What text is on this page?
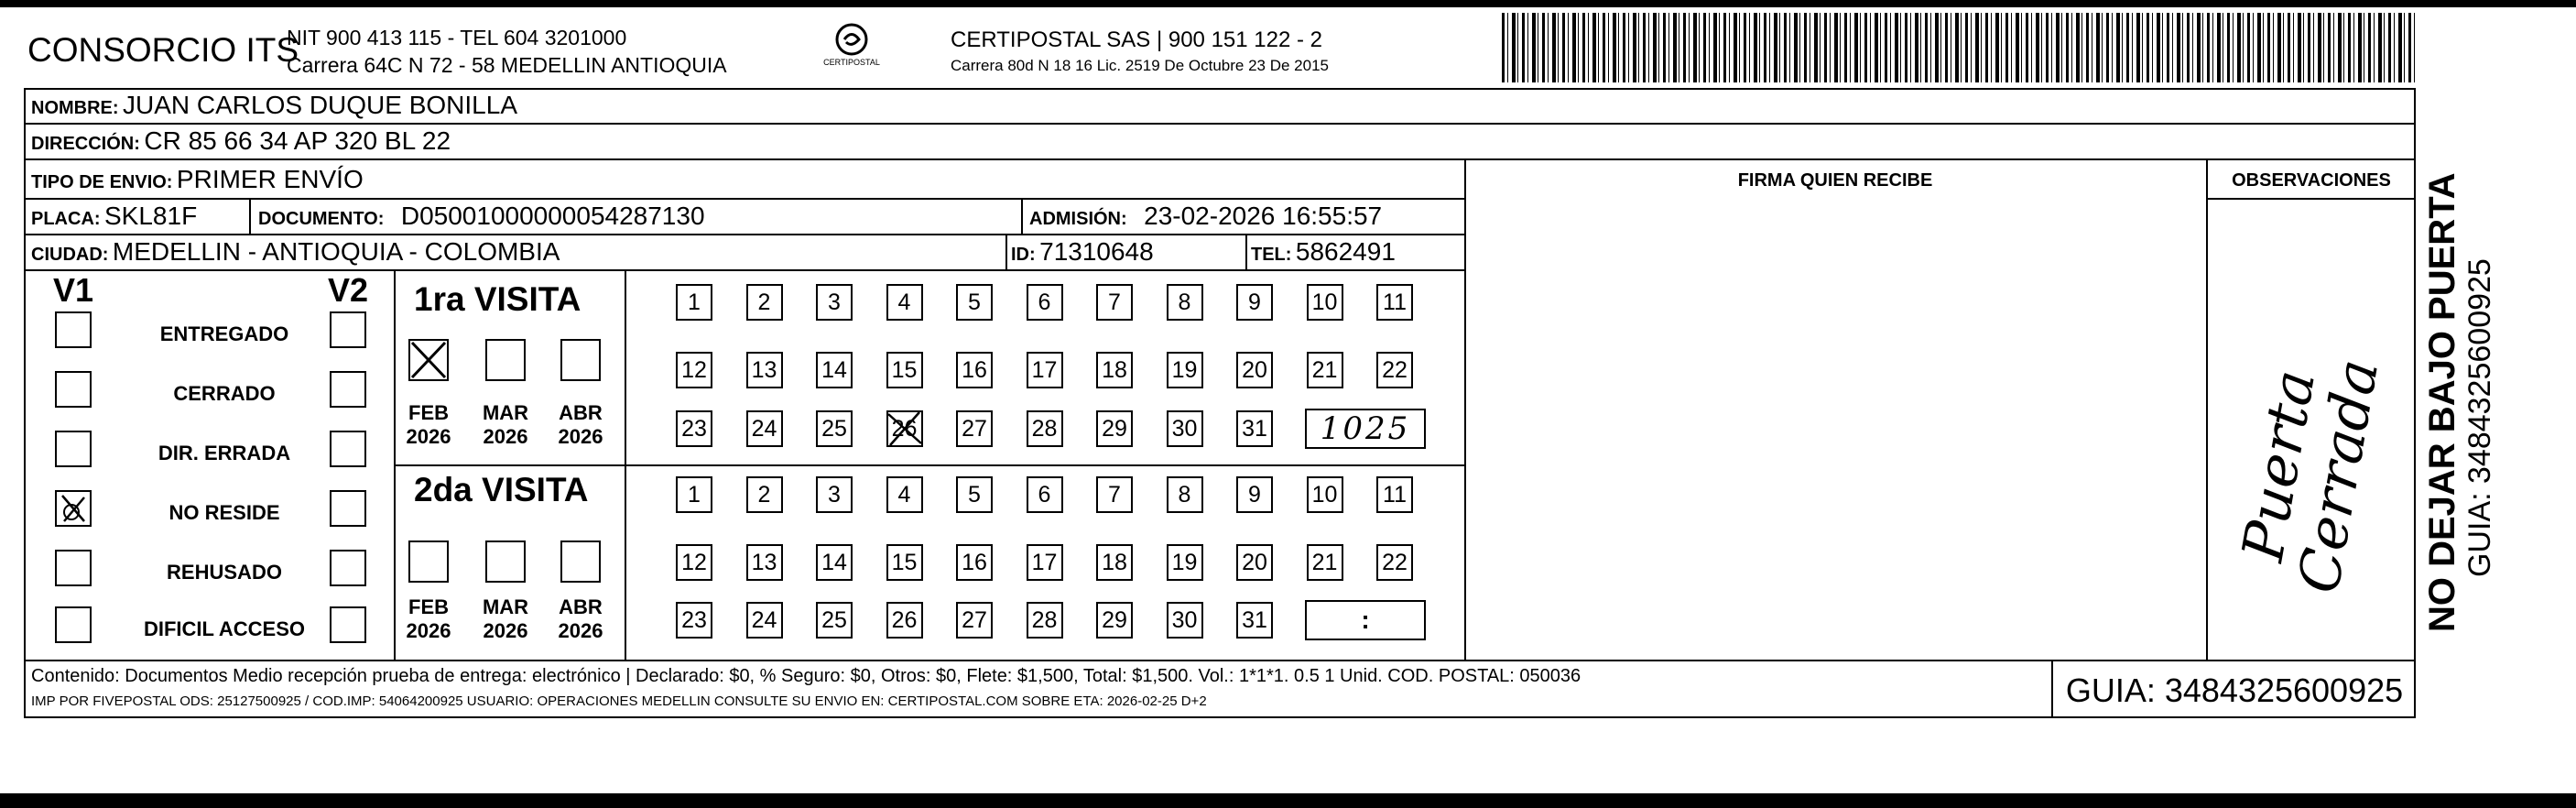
CONSORCIO ITS
NIT 900 413 115 - TEL 604 3201000
Carrera 64C N 72 - 58 MEDELLIN ANTIOQUIA	CERTIPOSTAL
CERTIPOSTAL SAS | 900 151 122 - 2
Carrera 80d N 18 16 Lic. 2519 De Octubre 23 De 2015
NOMBRE: JUAN CARLOS DUQUE BONILLA
DIRECCIÓN: CR 85 66 34 AP 320 BL 22
TIPO DE ENVIO: PRIMER ENVÍO	FIRMA QUIEN RECIBE	OBSERVACIONES
PLACA: SKL81F	DOCUMENTO: D05001000000054287130	ADMISIÓN: 23-02-2026 16:55:57
CIUDAD: MEDELLIN - ANTIOQUIA - COLOMBIA	ID: 71310648	TEL: 5862491
V1	V2
ENTREGADO
CERRADO
DIR. ERRADA
NO RESIDE
REHUSADO
DIFICIL ACCESO
1ra VISITA
2da VISITA
FEB
2026
MAR
2026
ABR
2026
FEB
2026
MAR
2026
ABR
2026
1	2	3	4	5	6	7	8	9	10 11
12 13 14 15 16 17 18 19 20 21 22
23 24 25 26 27 28 29 30 31
1	2	3	4	5	6	7	8	9	10 11
12 13 14 15 16 17 18 19 20 21 22
23 24 25 26 27 28 29 30 31
1025
:
Puerta Cerrada NO DEJAR BAJO PUERTA GUIA: 3484325600925
Contenido: Documentos Medio recepción prueba de entrega: electrónico | Declarado: $0, % Seguro: $0, Otros: $0, Flete: $1,500, Total: $1,500. Vol.: 1*1*1. 0.5 1 Unid. COD. POSTAL: 050036
IMP POR FIVEPOSTAL ODS: 25127500925 / COD.IMP: 54064200925 USUARIO: OPERACIONES MEDELLIN CONSULTE SU ENVIO EN: CERTIPOSTAL.COM SOBRE ETA: 2026-02-25 D+2	GUIA: 3484325600925
